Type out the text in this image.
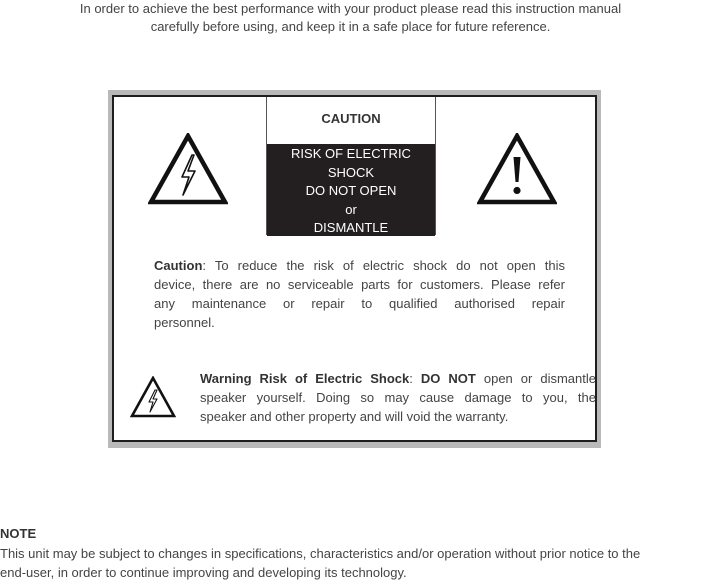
In order to achieve the best performance with your product please read this instruction manual
carefully before using, and keep it in a safe place for future reference.
CAUTION
RISK OF ELECTRIC
SHOCK
DO NOT OPEN
or
DISMANTLE
Caution: To reduce the risk of electric shock do not open this
device, there are no serviceable parts for customers. Please refer
any maintenance or repair to qualified authorised repair
personnel.
Warning Risk of Electric Shock: DO NOT open or dismantle
speaker yourself. Doing so may cause damage to you, the
speaker and other property and will void the warranty.
NOTE
This unit may be subject to changes in specifications, characteristics and/or operation without prior notice to the
end-user, in order to continue improving and developing its technology.
